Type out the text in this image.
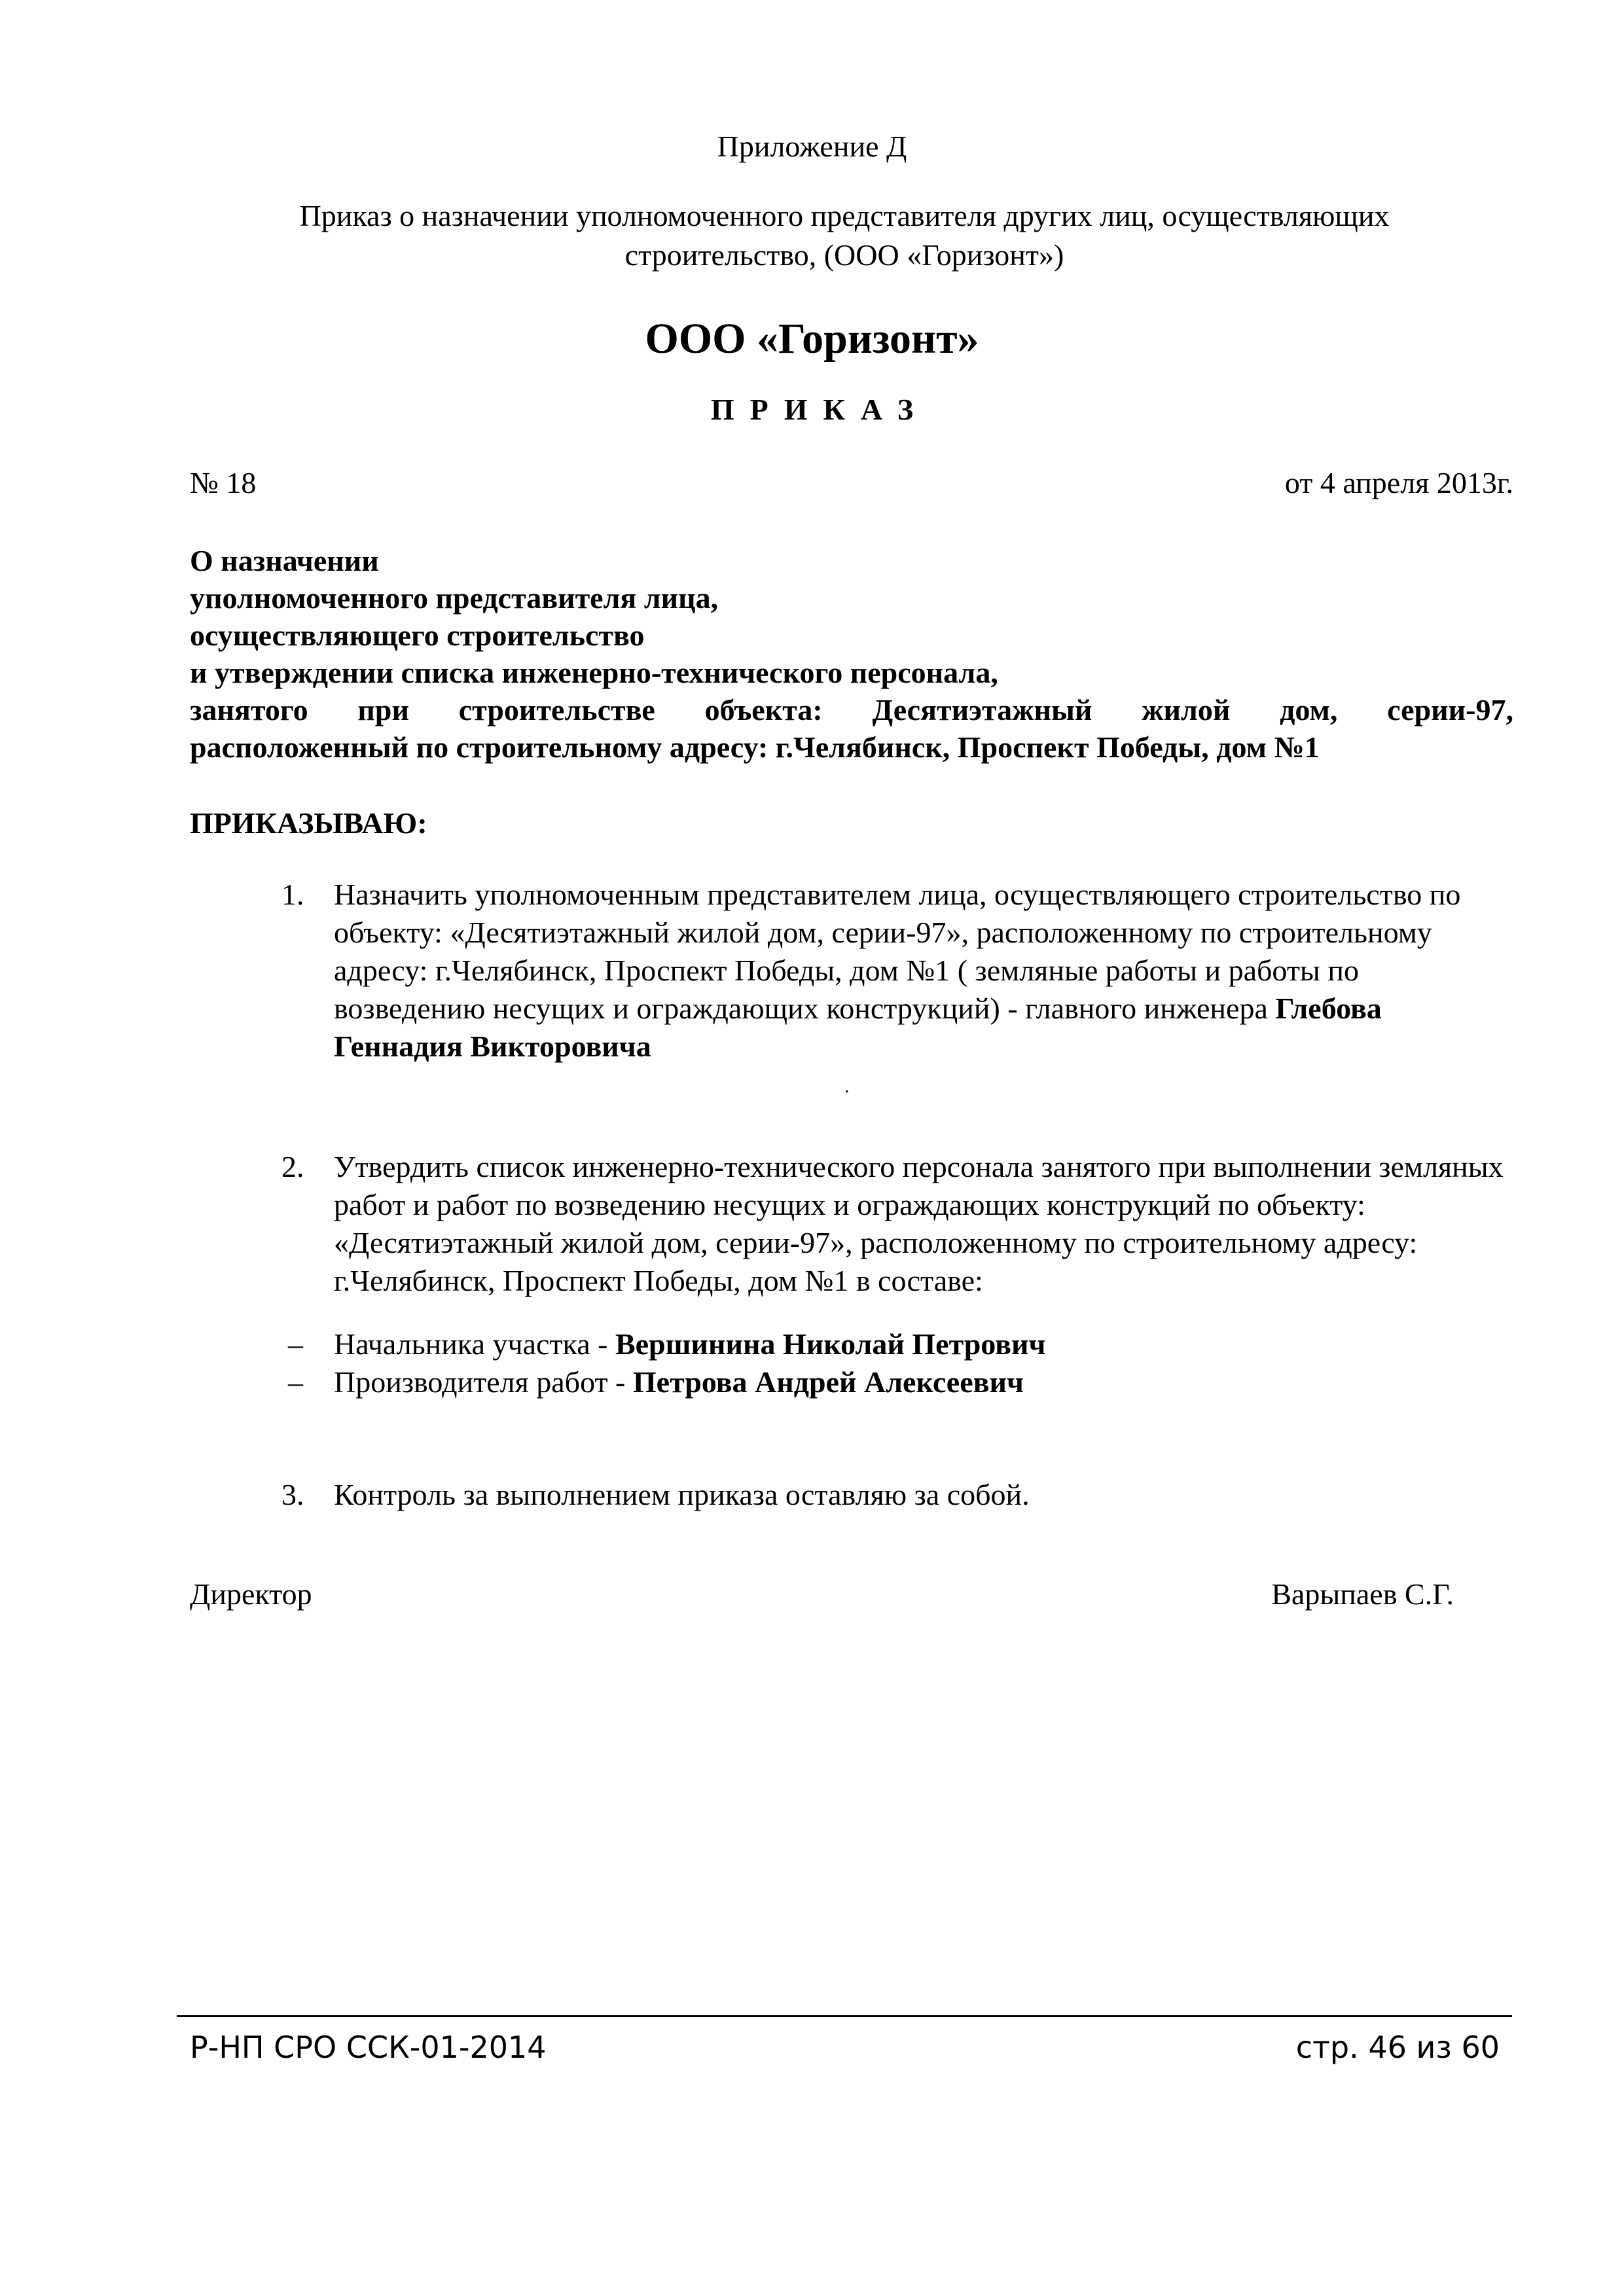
Приложение Д
Приказ о назначении уполномоченного представителя других лиц, осуществляющих
строительство, (ООО «Горизонт»)
ООО «Горизонт»
ПРИКАЗ
№ 18	от 4 апреля 2013г.
О назначении
уполномоченного представителя лица,
осуществляющего строительство
и утверждении списка инженерно-технического персонала,
занятого при строительстве объекта: Десятиэтажный жилой дом, серии-97,
расположенный по строительному адресу: г.Челябинск, Проспект Победы, дом №1
ПРИКАЗЫВАЮ:
1. Назначить уполномоченным представителем лица, осуществляющего строительство по объекту: «Десятиэтажный жилой дом, серии-97», расположенному по строительному адресу: г.Челябинск, Проспект Победы, дом №1 ( земляные работы и работы по возведению несущих и ограждающих конструкций) - главного инженера Глебова Геннадия Викторовича
.
2. Утвердить список инженерно-технического персонала занятого при выполнении земляных работ и работ по возведению несущих и ограждающих конструкций по объекту: «Десятиэтажный жилой дом, серии-97», расположенному по строительному адресу: г.Челябинск, Проспект Победы, дом №1 в составе:
– Начальника участка - Вершинина Николай Петрович
– Производителя работ - Петрова Андрей Алексеевич
3. Контроль за выполнением приказа оставляю за собой.
Директор	Варыпаев С.Г.
Р-НП СРО ССК-01-2014	стр. 46 из 60
